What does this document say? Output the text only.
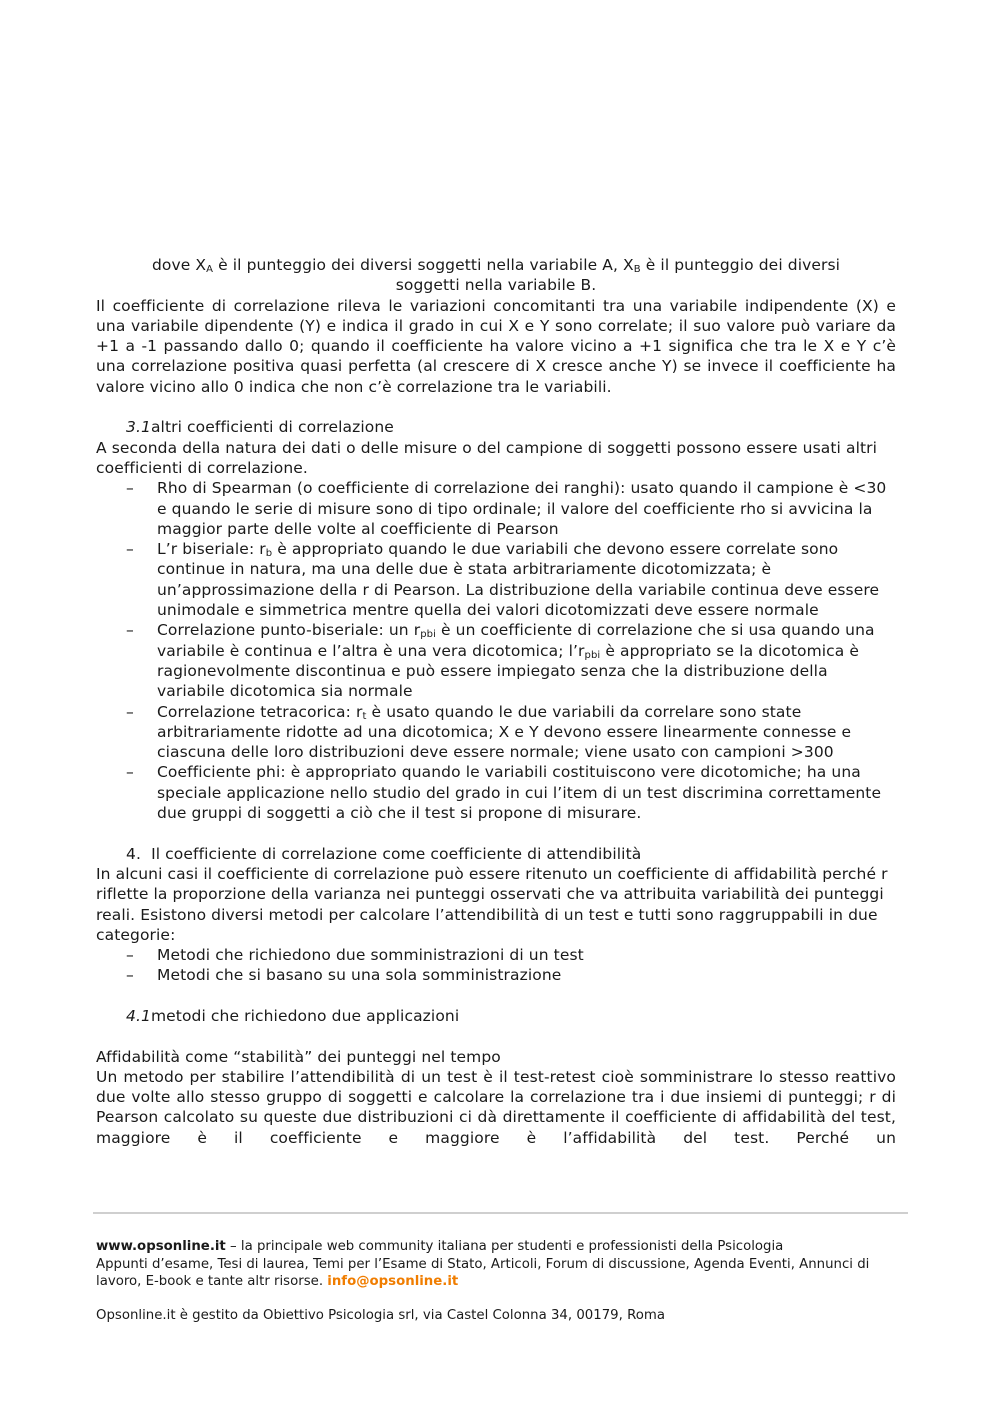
dove $X_A$ è il punteggio dei diversi soggetti nella variabile A, $X_B$ è il punteggio dei diversi
soggetti nella variabile B.

Il coefficiente di correlazione rileva le variazioni concomitanti tra una variabile indipendente (X) e una variabile dipendente (Y) e indica il grado in cui X e Y sono correlate; il suo valore può variare da +1 a -1 passando dallo 0; quando il coefficiente ha valore vicino a +1 significa che tra le X e Y c’è una correlazione positiva quasi perfetta (al crescere di X cresce anche Y) se invece il coefficiente ha valore vicino allo 0 indica che non c’è correlazione tra le variabili.

3.1altri coefficienti di correlazione

A seconda della natura dei dati o delle misure o del campione di soggetti possono essere usati altri coefficienti di correlazione.

– Rho di Spearman (o coefficiente di correlazione dei ranghi): usato quando il campione è <30 e quando le serie di misure sono di tipo ordinale; il valore del coefficiente rho si avvicina la maggior parte delle volte al coefficiente di Pearson
– L’r biseriale: $r_b$ è appropriato quando le due variabili che devono essere correlate sono continue in natura, ma una delle due è stata arbitrariamente dicotomizzata; è un’approssimazione della r di Pearson. La distribuzione della variabile continua deve essere unimodale e simmetrica mentre quella dei valori dicotomizzati deve essere normale
– Correlazione punto-biseriale: un $r_{pbi}$ è un coefficiente di correlazione che si usa quando una variabile è continua e l’altra è una vera dicotomica; $l’r_{pbi}$ è appropriato se la dicotomica è ragionevolmente discontinua e può essere impiegato senza che la distribuzione della variabile dicotomica sia normale
– Correlazione tetracorica: $r_t$ è usato quando le due variabili da correlare sono state arbitrariamente ridotte ad una dicotomica; X e Y devono essere linearmente connesse e ciascuna delle loro distribuzioni deve essere normale; viene usato con campioni >300
– Coefficiente phi: è appropriato quando le variabili costituiscono vere dicotomiche; ha una speciale applicazione nello studio del grado in cui l’item di un test discrimina correttamente due gruppi di soggetti a ciò che il test si propone di misurare.

4. Il coefficiente di correlazione come coefficiente di attendibilità

In alcuni casi il coefficiente di correlazione può essere ritenuto un coefficiente di affidabilità perché r riflette la proporzione della varianza nei punteggi osservati che va attribuita variabilità dei punteggi reali. Esistono diversi metodi per calcolare l’attendibilità di un test e tutti sono raggruppabili in due categorie:

– Metodi che richiedono due somministrazioni di un test
– Metodi che si basano su una sola somministrazione

4.1metodi che richiedono due applicazioni

Affidabilità come “stabilità” dei punteggi nel tempo

Un metodo per stabilire l’attendibilità di un test è il test-retest cioè somministrare lo stesso reattivo due volte allo stesso gruppo di soggetti e calcolare la correlazione tra i due insiemi di punteggi; r di Pearson calcolato su queste due distribuzioni ci dà direttamente il coefficiente di affidabilità del test, maggiore è il coefficiente e maggiore è l’affidabilità del test. Perché un

www.opsonline.it – la principale web community italiana per studenti e professionisti della Psicologia
Appunti d’esame, Tesi di laurea, Temi per l’Esame di Stato, Articoli, Forum di discussione, Agenda Eventi, Annunci di lavoro, E-book e tante altr risorse. info@opsonline.it
Opsonline.it è gestito da Obiettivo Psicologia srl, via Castel Colonna 34, 00179, Roma
